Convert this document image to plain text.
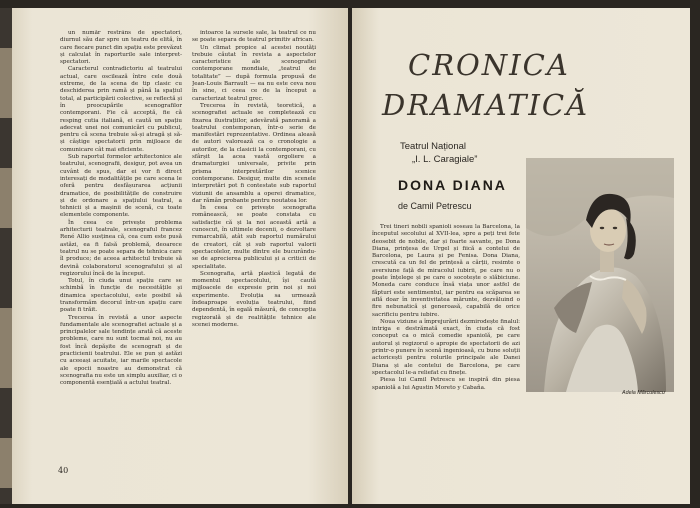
un număr restrâns de spectatori, diurnul său dar spre un teatru de elită, în care fiecare punct din spațiu este prevăzut și calculat în raporturile sale interpret-spectatori.

Caracterul contradictoriu al teatrului actual, care oscilează între cele două extreme, de la scena de tip clasic cu deschiderea prin ramă și până la spațiul total, al participării colective, se reflectă și în preocupările scenografilor contemporani. Fie că acceptă, fie că resping cutia italiană, ei caută un spațiu adecvat unei noi comunicări cu publicul, pentru că scena trebuie să-și atragă și să-și câștige spectatorii prin mijloace de comunicare cât mai eficiente.

Sub raportul formelor arhitectonice ale teatrului, scenografii, desigur, pot avea un cuvânt de spus, dar ei vor fi direct interesați de modalitățile pe care scena le oferă pentru desfășurarea acțiunii dramatice, de posibilitățile de construire și de ordonare a spațiului teatral, a tehnicii și a mașinii de scenă, cu toate elementele componente.

În ceea ce privește problema arhitecturii teatrale, scenograful francez René Allio susținea că, cea cum este pusă astăzi, ea fi falsă problemă, deoarece teatrul nu se poate separa de tehnica care îl produce; de aceea arhitectul trebuie să devină colaboratorul scenografului și al regizorului încă de la început.

Totul, în ciuda unui spațiu care se schimbă în funcție de necesitățile și dinamica spectacolului, este posibil să transformăm decorul într-un spațiu care poate fi trăit.

Trecerea în revistă a unor aspecte fundamentale ale scenografiei actuale și a principalelor sale tendințe arată că aceste probleme, care nu sunt tocmai noi, nu au fost încă depășite de scenografi și de practicienii teatrului. Ele se pun și astăzi cu aceeași acuitate, iar marile spectacole ale epocii noastre au demonstrat că scenografia nu este un simplu auxiliar, ci o componentă esențială a actului teatral.

întoarce la sursele sale, la teatrul ce nu se poate separa de teatrul primitiv african.

Un climat propice al acestei noutăți trebuie căutat în revista a aspectelor caracteristice ale scenografiei contemporane mondiale, „teatrul de totalitate” — după formula propusă de Jean-Louis Barrault — ea nu este ceva nou în sine, ci ceea ce de la început a caracterizat teatrul grec.

Trecerea în revistă, teoretică, a scenografiei actuale se completează cu fixarea ilustrațiilor, adevărată panoramă a teatrului contemporan, într-o serie de manifestări reprezentative. Ordinea aleasă de autori valorează ca o cronologie a autorilor, de la clasicii la contemporani, cu sfârșit la acea vastă orgoliere a dramaturgiei universale, privite prin prisma interpretărilor scenice contemporane. Desigur, multe din scenele interpretări pot fi contestate sub raportul viziunii de ansamblu a operei dramatice, dar rămân probante pentru noutatea lor.

În ceea ce privește scenografia românească, se poate constata cu satisfacție că și la noi această artă a cunoscut, în ultimele decenii, o dezvoltare remarcabilă, atât sub raportul numărului de creatori, cât și sub raportul valorii spectacolelor, multe dintre ele bucurându-se de aprecierea publicului și a criticii de specialitate.

Scenografia, artă plastică legată de momentul spectacolului, își caută mijloacele de expresie prin noi și noi experimente. Evoluția sa urmează îndeaproape evoluția teatrului, fiind dependentă, în egală măsură, de concepția regizorală și de realitățile tehnice ale scenei moderne.

40
CRONICA
DRAMATICĂ
Teatrul Național
„I. L. Caragiale”
DONA DIANA
de Camil Petrescu

Trei tineri nobili spanioli soseau la Barcelona, la începutul secolului al XVII-lea, spre a peți trei fete deosebit de nobile, dar și foarte savante, pe Dona Diana, prințesa de Urgel și fiică a contelui de Barcelona, pe Laura și pe Fenisa. Dona Diana, crescută ca un fel de prințesă a cărții, resimte o aversiune față de miracolul iubirii, pe care nu o poate înțelege și pe care o socotește o slăbiciune. Moneda care conduce însă viața unor astfel de făpturi este sentimentul, iar pentru ea scăparea se află doar în inventivitatea mărunte, dezvăluind o fire nebunatică și generoasă, capabilă de orice sacrificiu pentru iubire.

Noua viziune a împrejurării dezmirodește finalul: intriga e destrămată exact, în ciuda că fost conceput ca o mică comedie spaniolă, pe care autorul și regizorul o apropie de spectatorii de azi printr-o punere în scenă ingenioasă, cu bune soluții actoricești pentru rolurile principale ale Danei Diana și ale contelui de Barcelona, pe care spectacolul le-a reliefat cu finețe.

Piesa lui Camil Petrescu se inspiră din piesa spaniolă a lui Agustin Moreto y Cabaña.

Adela Mărculescu
